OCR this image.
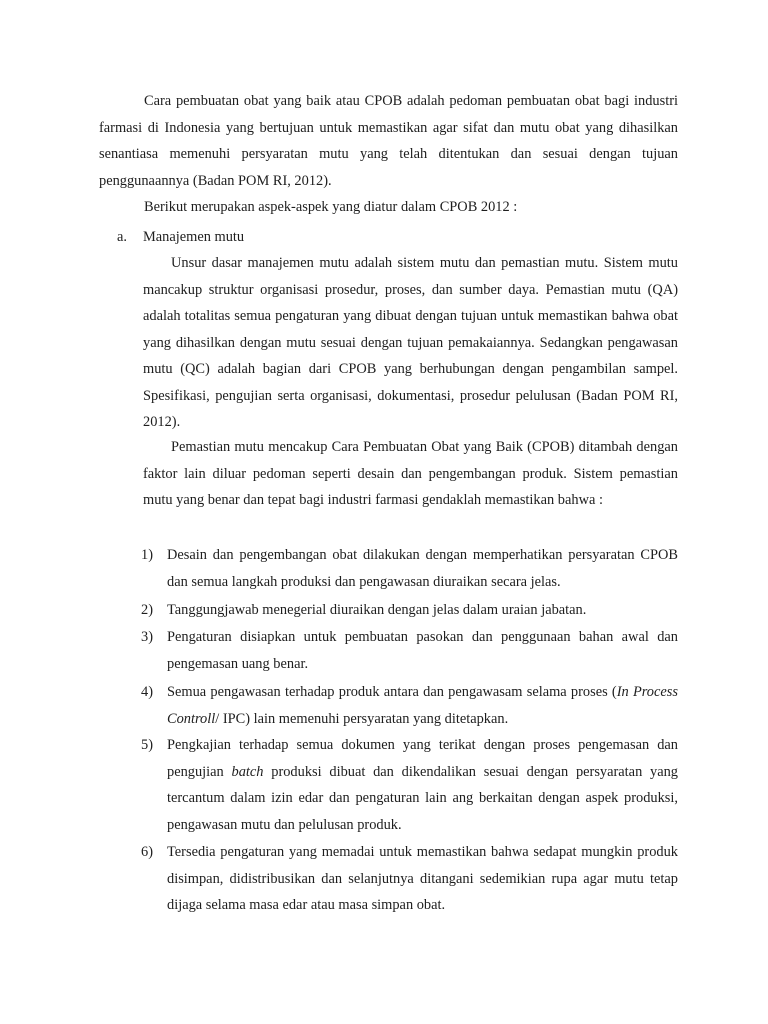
Cara pembuatan obat yang baik atau CPOB adalah pedoman pembuatan obat bagi industri farmasi di Indonesia yang bertujuan untuk memastikan agar sifat dan mutu obat yang dihasilkan senantiasa memenuhi persyaratan mutu yang telah ditentukan dan sesuai dengan tujuan penggunaannya (Badan POM RI, 2012).

Berikut merupakan aspek-aspek yang diatur dalam CPOB 2012 :

a.	Manajemen mutu

Unsur dasar manajemen mutu adalah sistem mutu dan pemastian mutu. Sistem mutu mancakup struktur organisasi prosedur, proses, dan sumber daya. Pemastian mutu (QA) adalah totalitas semua pengaturan yang dibuat dengan tujuan untuk memastikan bahwa obat yang dihasilkan dengan mutu sesuai dengan tujuan pemakaiannya. Sedangkan pengawasan mutu (QC) adalah bagian dari CPOB yang berhubungan dengan pengambilan sampel. Spesifikasi, pengujian serta organisasi, dokumentasi, prosedur pelulusan (Badan POM RI, 2012).

Pemastian mutu mencakup Cara Pembuatan Obat yang Baik (CPOB) ditambah dengan faktor lain diluar pedoman seperti desain dan pengembangan produk. Sistem pemastian mutu yang benar dan tepat bagi industri farmasi gendaklah memastikan bahwa :

1) Desain dan pengembangan obat dilakukan dengan memperhatikan persyaratan CPOB dan semua langkah produksi dan pengawasan diuraikan secara jelas.
2) Tanggungjawab menegerial diuraikan dengan jelas dalam uraian jabatan.
3) Pengaturan disiapkan untuk pembuatan pasokan dan penggunaan bahan awal dan pengemasan uang benar.
4) Semua pengawasan terhadap produk antara dan pengawasam selama proses (In Process Controll/ IPC) lain memenuhi persyaratan yang ditetapkan.
5) Pengkajian terhadap semua dokumen yang terikat dengan proses pengemasan dan pengujian batch produksi dibuat dan dikendalikan sesuai dengan persyaratan yang tercantum dalam izin edar dan pengaturan lain ang berkaitan dengan aspek produksi, pengawasan mutu dan pelulusan produk.
6) Tersedia pengaturan yang memadai untuk memastikan bahwa sedapat mungkin produk disimpan, didistribusikan dan selanjutnya ditangani sedemikian rupa agar mutu tetap dijaga selama masa edar atau masa simpan obat.
